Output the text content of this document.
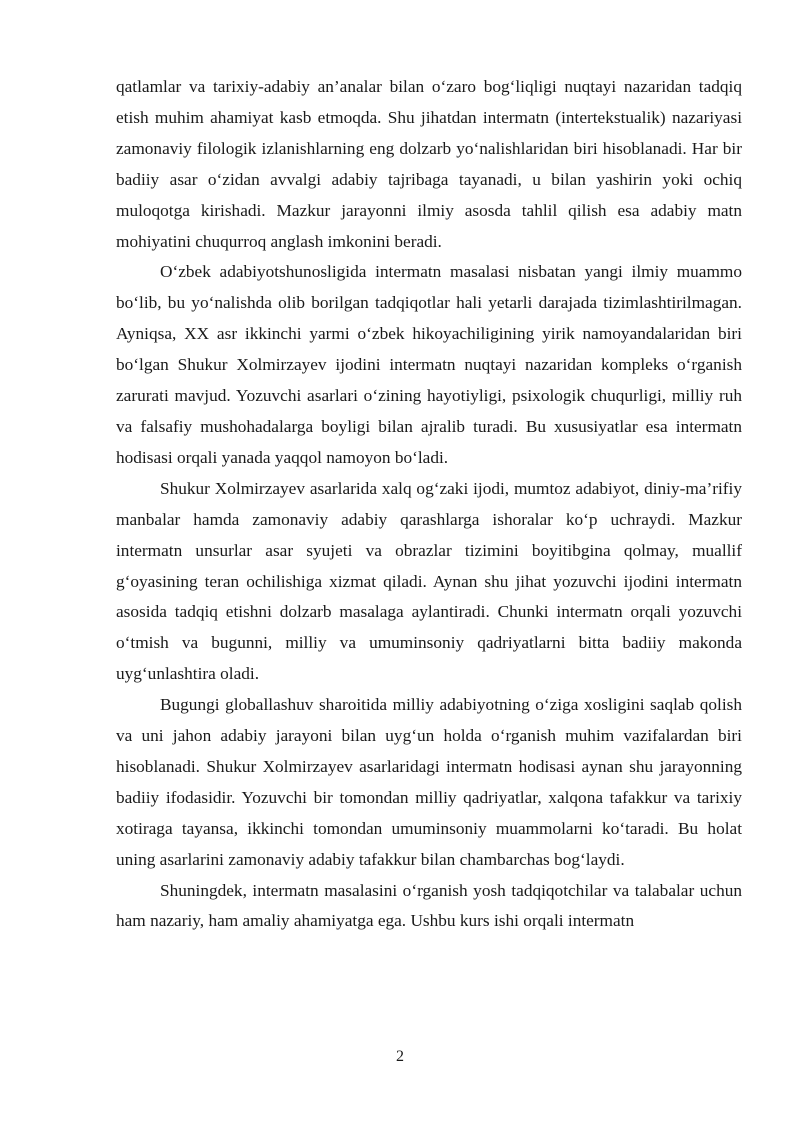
qatlamlar va tarixiy-adabiy an’analar bilan o‘zaro bog‘liqligi nuqtayi nazaridan tadqiq etish muhim ahamiyat kasb etmoqda. Shu jihatdan intermatn (intertekstualik) nazariyasi zamonaviy filologik izlanishlarning eng dolzarb yo‘nalishlaridan biri hisoblanadi. Har bir badiiy asar o‘zidan avvalgi adabiy tajribaga tayanadi, u bilan yashirin yoki ochiq muloqotga kirishadi. Mazkur jarayonni ilmiy asosda tahlil qilish esa adabiy matn mohiyatini chuqurroq anglash imkonini beradi.

O‘zbek adabiyotshunosligida intermatn masalasi nisbatan yangi ilmiy muammo bo‘lib, bu yo‘nalishda olib borilgan tadqiqotlar hali yetarli darajada tizimlashtirilmagan. Ayniqsa, XX asr ikkinchi yarmi o‘zbek hikoyachiligining yirik namoyandalaridan biri bo‘lgan Shukur Xolmirzayev ijodini intermatn nuqtayi nazaridan kompleks o‘rganish zarurati mavjud. Yozuvchi asarlari o‘zining hayotiyligi, psixologik chuqurligi, milliy ruh va falsafiy mushohadalarga boyligi bilan ajralib turadi. Bu xususiyatlar esa intermatn hodisasi orqali yanada yaqqol namoyon bo‘ladi.

Shukur Xolmirzayev asarlarida xalq og‘zaki ijodi, mumtoz adabiyot, diniy-ma’rifiy manbalar hamda zamonaviy adabiy qarashlarga ishoralar ko‘p uchraydi. Mazkur intermatn unsurlar asar syujeti va obrazlar tizimini boyitibgina qolmay, muallif g‘oyasining teran ochilishiga xizmat qiladi. Aynan shu jihat yozuvchi ijodini intermatn asosida tadqiq etishni dolzarb masalaga aylantiradi. Chunki intermatn orqali yozuvchi o‘tmish va bugunni, milliy va umuminsoniy qadriyatlarni bitta badiiy makonda uyg‘unlashtira oladi.

Bugungi globallashuv sharoitida milliy adabiyotning o‘ziga xosligini saqlab qolish va uni jahon adabiy jarayoni bilan uyg‘un holda o‘rganish muhim vazifalardan biri hisoblanadi. Shukur Xolmirzayev asarlaridagi intermatn hodisasi aynan shu jarayonning badiiy ifodasidir. Yozuvchi bir tomondan milliy qadriyatlar, xalqona tafakkur va tarixiy xotiraga tayansa, ikkinchi tomondan umuminsoniy muammolarni ko‘taradi. Bu holat uning asarlarini zamonaviy adabiy tafakkur bilan chambarchas bog‘laydi.

Shuningdek, intermatn masalasini o‘rganish yosh tadqiqotchilar va talabalar uchun ham nazariy, ham amaliy ahamiyatga ega. Ushbu kurs ishi orqali intermatn

2
